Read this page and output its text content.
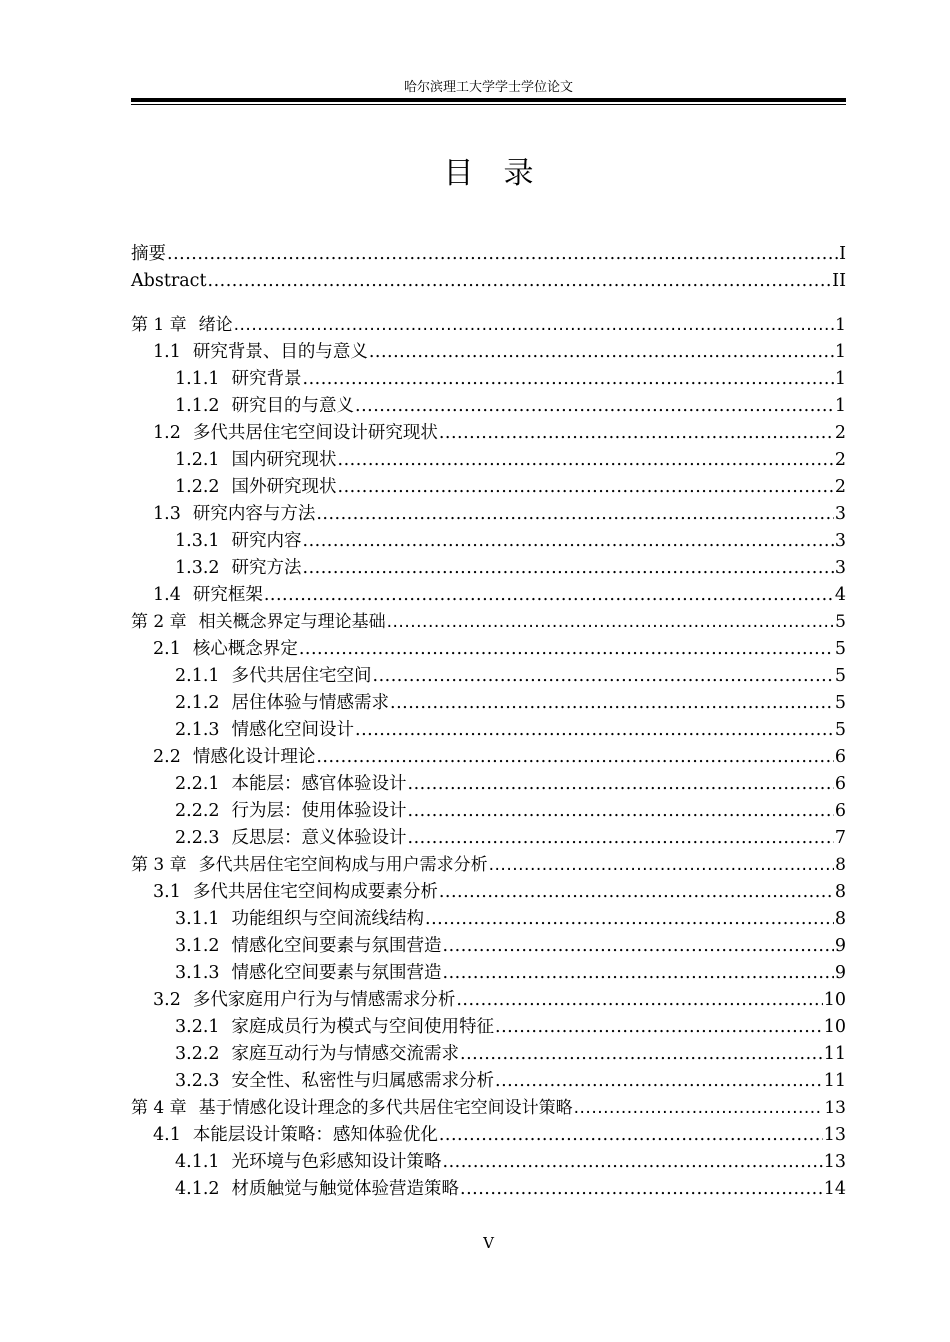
哈尔滨理工大学学士学位论文
目录
摘要 .....	I
Abstract .....	II
第 1 章 绪论 .....	1
1.1 研究背景、目的与意义 .....	1
1.1.1 研究背景 .....	1
1.1.2 研究目的与意义 .....	1
1.2 多代共居住宅空间设计研究现状 .....	2
1.2.1 国内研究现状 .....	2
1.2.2 国外研究现状 .....	2
1.3 研究内容与方法 .....	3
1.3.1 研究内容 .....	3
1.3.2 研究方法 .....	3
1.4 研究框架 .....	4
第 2 章 相关概念界定与理论基础 .....	5
2.1 核心概念界定 .....	5
2.1.1 多代共居住宅空间 .....	5
2.1.2 居住体验与情感需求 .....	5
2.1.3 情感化空间设计 .....	5
2.2 情感化设计理论 .....	6
2.2.1 本能层：感官体验设计 .....	6
2.2.2 行为层：使用体验设计 .....	6
2.2.3 反思层：意义体验设计 .....	7
第 3 章 多代共居住宅空间构成与用户需求分析 .....	8
3.1 多代共居住宅空间构成要素分析 .....	8
3.1.1 功能组织与空间流线结构 .....	8
3.1.2 情感化空间要素与氛围营造 .....	9
3.1.3 情感化空间要素与氛围营造 .....	9
3.2 多代家庭用户行为与情感需求分析 .....	10
3.2.1 家庭成员行为模式与空间使用特征 .....	10
3.2.2 家庭互动行为与情感交流需求 .....	11
3.2.3 安全性、私密性与归属感需求分析 .....	11
第 4 章 基于情感化设计理念的多代共居住宅空间设计策略 .....	13
4.1 本能层设计策略：感知体验优化 .....	13
4.1.1 光环境与色彩感知设计策略 .....	13
4.1.2 材质触觉与触觉体验营造策略 .....	14
V
